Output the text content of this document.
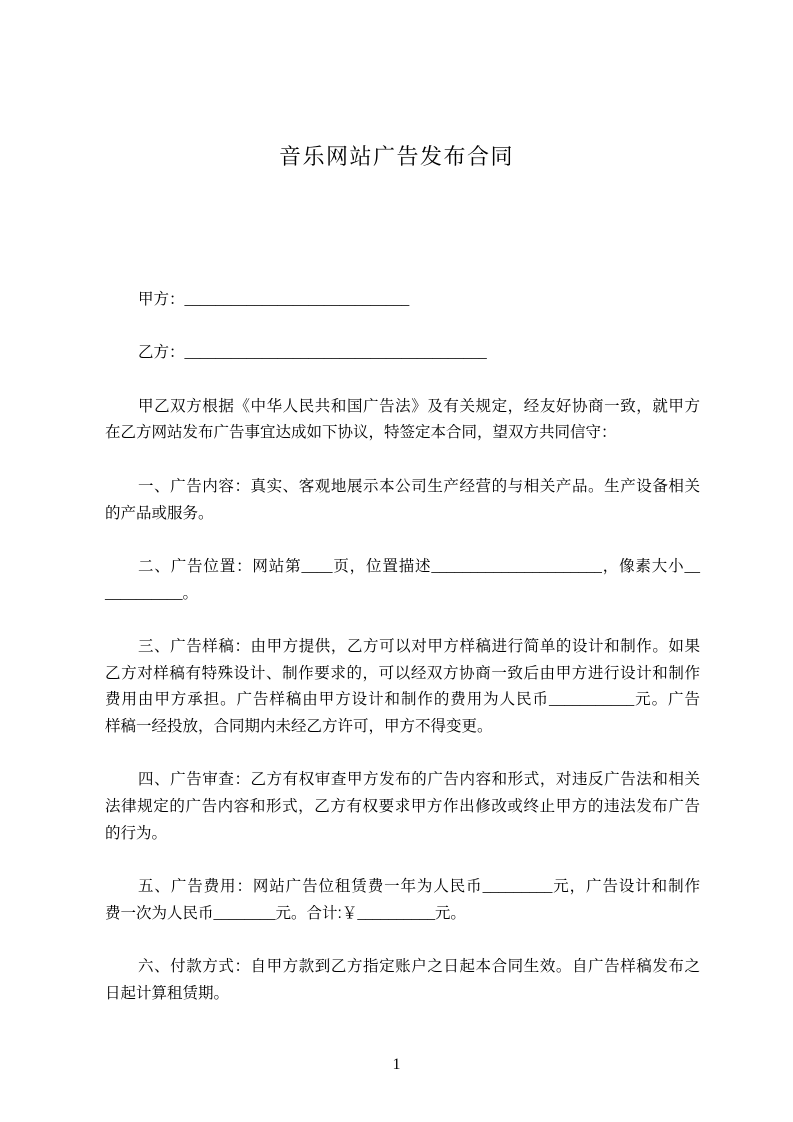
音乐网站广告发布合同
甲方：_____________________________
乙方：_______________________________________
甲乙双方根据《中华人民共和国广告法》及有关规定，经友好协商一致，就甲方
在乙方网站发布广告事宜达成如下协议，特签定本合同，望双方共同信守：
一、广告内容：真实、客观地展示本公司生产经营的与相关产品。生产设备相关
的产品或服务。
二、广告位置：网站第____页，位置描述______________________，像素大小__
__________。
三、广告样稿：由甲方提供，乙方可以对甲方样稿进行简单的设计和制作。如果
乙方对样稿有特殊设计、制作要求的，可以经双方协商一致后由甲方进行设计和制作
费用由甲方承担。广告样稿由甲方设计和制作的费用为人民币___________元。广告
样稿一经投放，合同期内未经乙方许可，甲方不得变更。
四、广告审查：乙方有权审查甲方发布的广告内容和形式，对违反广告法和相关
法律规定的广告内容和形式，乙方有权要求甲方作出修改或终止甲方的违法发布广告
的行为。
五、广告费用：网站广告位租赁费一年为人民币_________元，广告设计和制作
费一次为人民币________元。合计:￥__________元。
六、付款方式：自甲方款到乙方指定账户之日起本合同生效。自广告样稿发布之
日起计算租赁期。
1
